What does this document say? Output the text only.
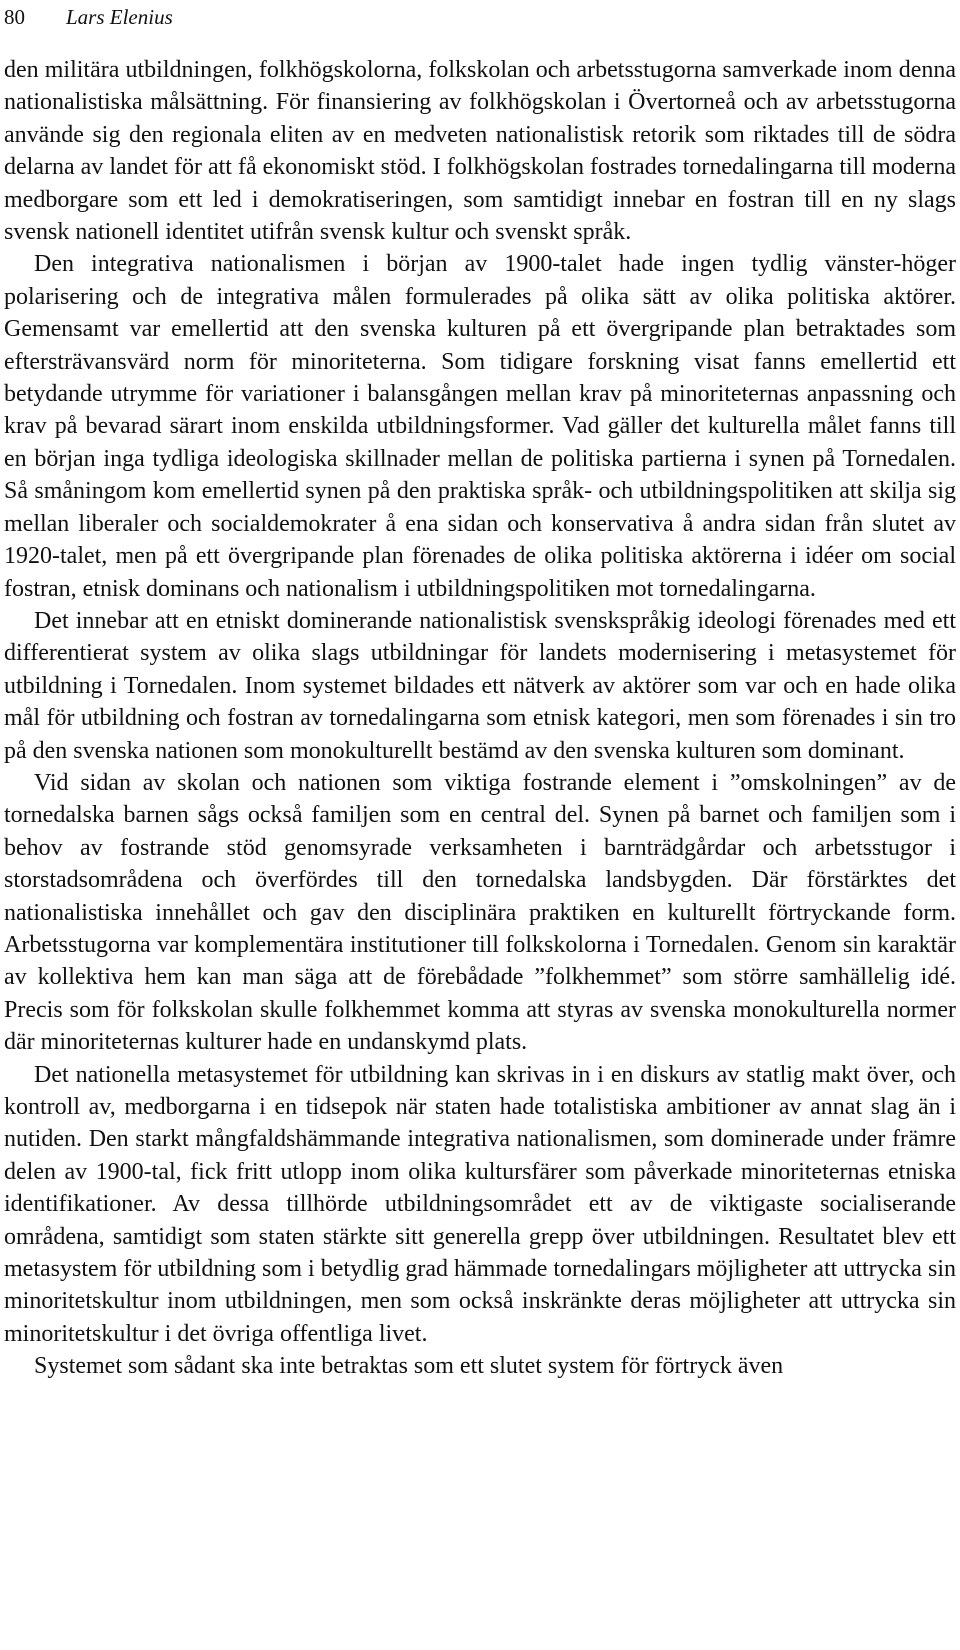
80 Lars Elenius

den militära utbildningen, folkhögskolorna, folkskolan och arbetsstugorna samverkade inom denna nationalistiska målsättning. För finansiering av folkhögskolan i Övertorneå och av arbetsstugorna använde sig den regionala eliten av en medveten nationalistisk retorik som riktades till de södra delarna av landet för att få ekonomiskt stöd. I folkhögskolan fostrades tornedalingarna till moderna medborgare som ett led i demokratiseringen, som samtidigt innebar en fostran till en ny slags svensk nationell identitet utifrån svensk kultur och svenskt språk.

Den integrativa nationalismen i början av 1900-talet hade ingen tydlig vänster-höger polarisering och de integrativa målen formulerades på olika sätt av olika politiska aktörer. Gemensamt var emellertid att den svenska kulturen på ett övergripande plan betraktades som eftersträvansvärd norm för minoriteterna. Som tidigare forskning visat fanns emellertid ett betydande utrymme för variationer i balansgången mellan krav på minoriteternas anpassning och krav på bevarad särart inom enskilda utbildningsformer. Vad gäller det kulturella målet fanns till en början inga tydliga ideologiska skillnader mellan de politiska partierna i synen på Tornedalen. Så småningom kom emellertid synen på den praktiska språk- och utbildningspolitiken att skilja sig mellan liberaler och socialdemokrater å ena sidan och konservativa å andra sidan från slutet av 1920-talet, men på ett övergripande plan förenades de olika politiska aktörerna i idéer om social fostran, etnisk dominans och nationalism i utbildningspolitiken mot tornedalingarna.

Det innebar att en etniskt dominerande nationalistisk svenskspråkig ideologi förenades med ett differentierat system av olika slags utbildningar för landets modernisering i metasystemet för utbildning i Tornedalen. Inom systemet bildades ett nätverk av aktörer som var och en hade olika mål för utbildning och fostran av tornedalingarna som etnisk kategori, men som förenades i sin tro på den svenska nationen som monokulturellt bestämd av den svenska kulturen som dominant.

Vid sidan av skolan och nationen som viktiga fostrande element i ”omskolningen” av de tornedalska barnen sågs också familjen som en central del. Synen på barnet och familjen som i behov av fostrande stöd genomsyrade verksamheten i barnträdgårdar och arbetsstugor i storstadsområdena och överfördes till den tornedalska landsbygden. Där förstärktes det nationalistiska innehållet och gav den disciplinära praktiken en kulturellt förtryckande form. Arbetsstugorna var komplementära institutioner till folkskolorna i Tornedalen. Genom sin karaktär av kollektiva hem kan man säga att de förebådade ”folkhemmet” som större samhällelig idé. Precis som för folkskolan skulle folkhemmet komma att styras av svenska monokulturella normer där minoriteternas kulturer hade en undanskymd plats.

Det nationella metasystemet för utbildning kan skrivas in i en diskurs av statlig makt över, och kontroll av, medborgarna i en tidsepok när staten hade totalistiska ambitioner av annat slag än i nutiden. Den starkt mångfaldshämmande integrativa nationalismen, som dominerade under främre delen av 1900-tal, fick fritt utlopp inom olika kultursfärer som påverkade minoriteternas etniska identifikationer. Av dessa tillhörde utbildningsområdet ett av de viktigaste socialiserande områdena, samtidigt som staten stärkte sitt generella grepp över utbildningen. Resultatet blev ett metasystem för utbildning som i betydlig grad hämmade tornedalingars möjligheter att uttrycka sin minoritetskultur inom utbildningen, men som också inskränkte deras möjligheter att uttrycka sin minoritetskultur i det övriga offentliga livet.

Systemet som sådant ska inte betraktas som ett slutet system för förtryck även
